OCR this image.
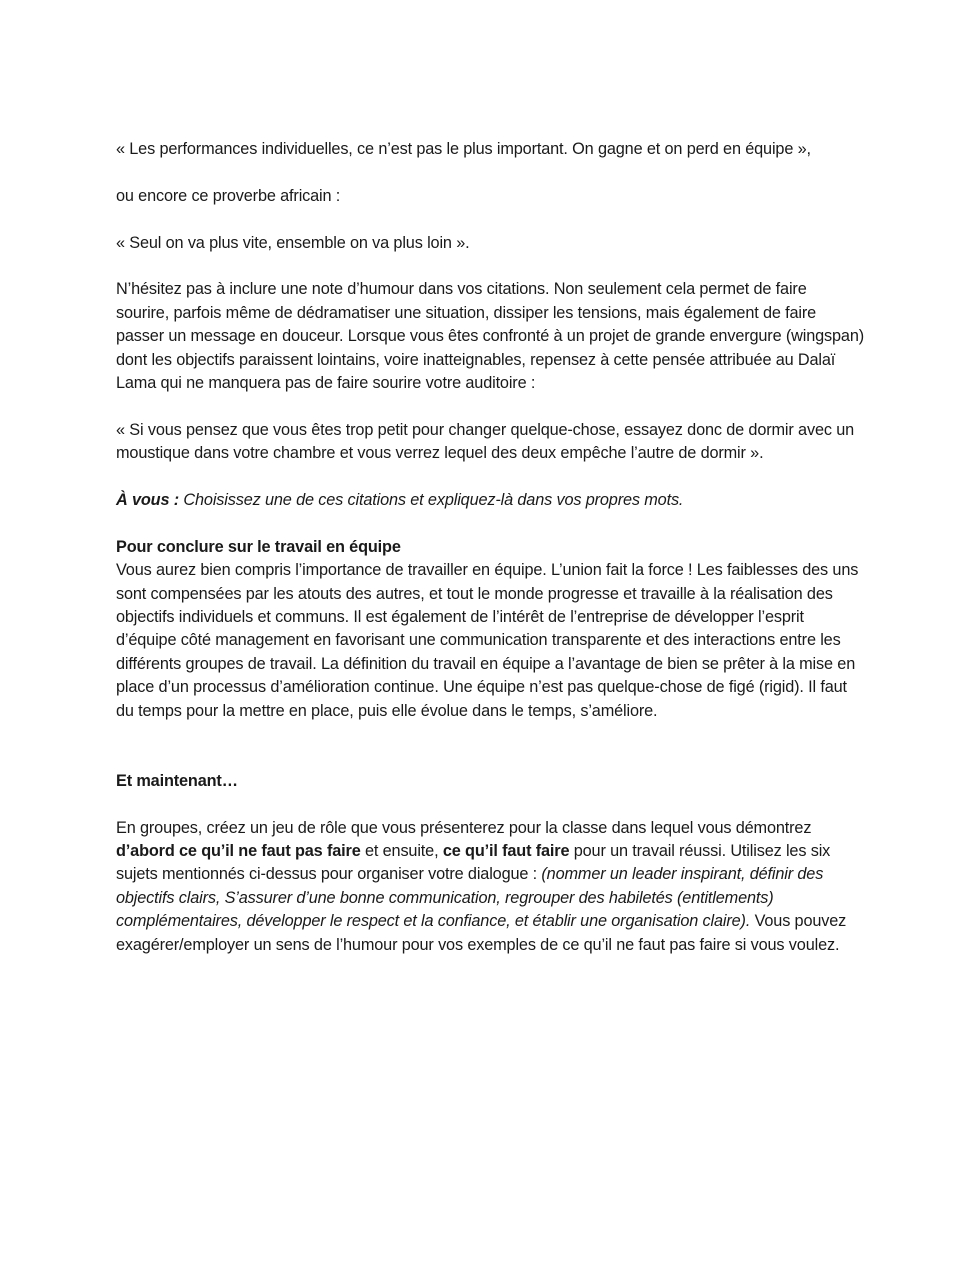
« Les performances individuelles, ce n’est pas le plus important. On gagne et on perd en équipe »,

ou encore ce proverbe africain :

« Seul on va plus vite, ensemble on va plus loin ».

N’hésitez pas à inclure une note d’humour dans vos citations. Non seulement cela permet de faire sourire, parfois même de dédramatiser une situation, dissiper les tensions, mais également de faire passer un message en douceur. Lorsque vous êtes confronté à un projet de grande envergure (wingspan) dont les objectifs paraissent lointains, voire inatteignables, repensez à cette pensée attribuée au Dalaï Lama qui ne manquera pas de faire sourire votre auditoire :

« Si vous pensez que vous êtes trop petit pour changer quelque-chose, essayez donc de dormir avec un moustique dans votre chambre et vous verrez lequel des deux empêche l’autre de dormir ».

À vous : Choisissez une de ces citations et expliquez-là dans vos propres mots.

Pour conclure sur le travail en équipe

Vous aurez bien compris l’importance de travailler en équipe. L’union fait la force ! Les faiblesses des uns sont compensées par les atouts des autres, et tout le monde progresse et travaille à la réalisation des objectifs individuels et communs. Il est également de l’intérêt de l’entreprise de développer l’esprit d’équipe côté management en favorisant une communication transparente et des interactions entre les différents groupes de travail. La définition du travail en équipe a l’avantage de bien se prêter à la mise en place d’un processus d’amélioration continue. Une équipe n’est pas quelque-chose de figé (rigid). Il faut du temps pour la mettre en place, puis elle évolue dans le temps, s’améliore.

Et maintenant…

En groupes, créez un jeu de rôle que vous présenterez pour la classe dans lequel vous démontrez d’abord ce qu’il ne faut pas faire et ensuite, ce qu’il faut faire pour un travail réussi. Utilisez les six sujets mentionnés ci-dessus pour organiser votre dialogue : (nommer un leader inspirant, définir des objectifs clairs, S’assurer d’une bonne communication, regrouper des habiletés (entitlements) complémentaires, développer le respect et la confiance, et établir une organisation claire). Vous pouvez exagérer/employer un sens de l’humour pour vos exemples de ce qu’il ne faut pas faire si vous voulez.
